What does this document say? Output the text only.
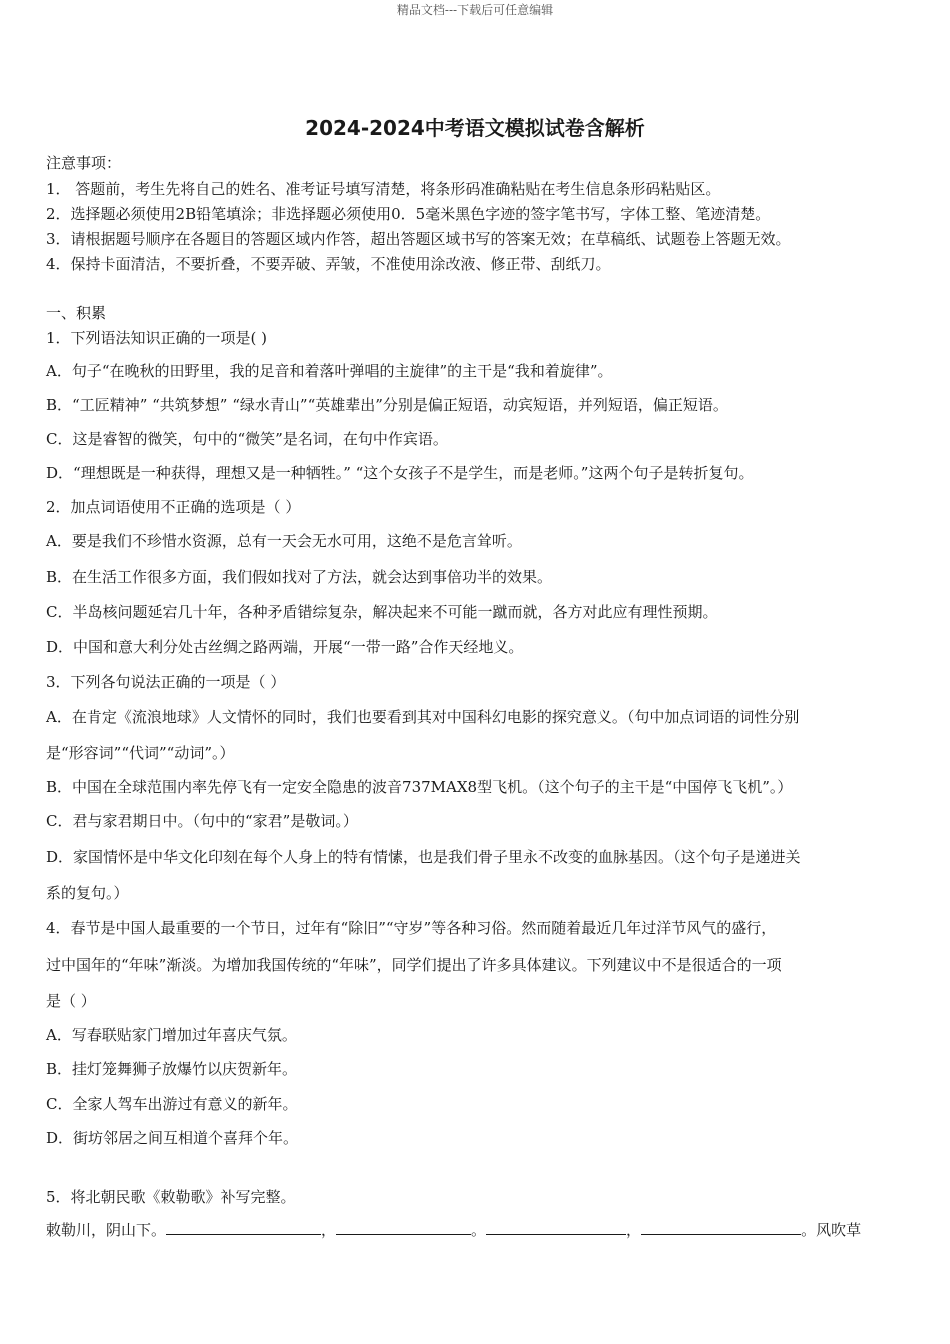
精品文档---下载后可任意编辑
2024-2024中考语文模拟试卷含解析
注意事项：
1． 答题前，考生先将自己的姓名、准考证号填写清楚，将条形码准确粘贴在考生信息条形码粘贴区。
2．选择题必须使用2B铅笔填涂；非选择题必须使用0．5毫米黑色字迹的签字笔书写，字体工整、笔迹清楚。
3．请根据题号顺序在各题目的答题区域内作答，超出答题区域书写的答案无效；在草稿纸、试题卷上答题无效。
4．保持卡面清洁，不要折叠，不要弄破、弄皱，不准使用涂改液、修正带、刮纸刀。
一、积累
1．下列语法知识正确的一项是( )
A．句子“在晚秋的田野里，我的足音和着落叶弹唱的主旋律”的主干是“我和着旋律”。
B．“工匠精神” “共筑梦想” “绿水青山”“英雄辈出”分别是偏正短语，动宾短语，并列短语，偏正短语。
C．这是睿智的微笑，句中的“微笑”是名词，在句中作宾语。
D．“理想既是一种获得，理想又是一种牺牲。” “这个女孩子不是学生，而是老师。”这两个句子是转折复句。
2．加点词语使用不正确的选项是（ ）
A．要是我们不珍惜水资源，总有一天会无水可用，这绝不是危言耸听。
B．在生活工作很多方面，我们假如找对了方法，就会达到事倍功半的效果。
C．半岛核问题延宕几十年，各种矛盾错综复杂，解决起来不可能一蹴而就，各方对此应有理性预期。
D．中国和意大利分处古丝绸之路两端，开展“一带一路”合作天经地义。
3．下列各句说法正确的一项是（ ）
A．在肯定《流浪地球》人文情怀的同时，我们也要看到其对中国科幻电影的探究意义。（句中加点词语的词性分别
是“形容词”“代词”“动词”。）
B．中国在全球范围内率先停飞有一定安全隐患的波音737MAX8型飞机。（这个句子的主干是“中国停飞飞机”。）
C．君与家君期日中。（句中的“家君”是敬词。）
D．家国情怀是中华文化印刻在每个人身上的特有情愫，也是我们骨子里永不改变的血脉基因。（这个句子是递进关
系的复句。）
4．春节是中国人最重要的一个节日，过年有“除旧”“守岁”等各种习俗。然而随着最近几年过洋节风气的盛行，
过中国年的“年味”渐淡。为增加我国传统的“年味”，同学们提出了许多具体建议。下列建议中不是很适合的一项
是（ ）
A．写春联贴家门增加过年喜庆气氛。
B．挂灯笼舞狮子放爆竹以庆贺新年。
C．全家人驾车出游过有意义的新年。
D．街坊邻居之间互相道个喜拜个年。
5．将北朝民歌《敕勒歌》补写完整。
敕勒川，阴山下。	，	。	，	。风吹草
